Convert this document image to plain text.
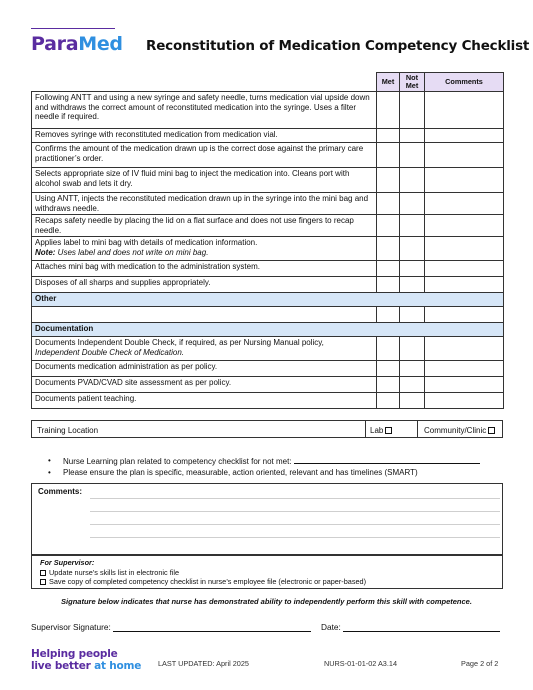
ParaMed Reconstitution of Medication Competency Checklist
	Met	Not Met	Comments
Following ANTT and using a new syringe and safety needle, turns medication vial upside down and withdraws the correct amount of reconstituted medication into the syringe. Uses a filter needle if required.			
Removes syringe with reconstituted medication from medication vial.			
Confirms the amount of the medication drawn up is the correct dose against the primary care practitioner’s order.			
Selects appropriate size of IV fluid mini bag to inject the medication into. Cleans port with alcohol swab and lets it dry.			
Using ANTT, injects the reconstituted medication drawn up in the syringe into the mini bag and withdraws needle.			
Recaps safety needle by placing the lid on a flat surface and does not use fingers to recap needle.			
Applies label to mini bag with details of medication information.
Note: Uses label and does not write on mini bag.			
Attaches mini bag with medication to the administration system.			
Disposes of all sharps and supplies appropriately.			
Other			

Documentation			
Documents Independent Double Check, if required, as per Nursing Manual policy,
Independent Double Check of Medication.			
Documents medication administration as per policy.			
Documents PVAD/CVAD site assessment as per policy.			
Documents patient teaching.			
Training Location	Lab	Community/Clinic
• Nurse Learning plan related to competency checklist for not met:
• Please ensure the plan is specific, measurable, action oriented, relevant and has timelines (SMART)
Comments:
For Supervisor:
Update nurse’s skills list in electronic file
Save copy of completed competency checklist in nurse’s employee file (electronic or paper-based)
Signature below indicates that nurse has demonstrated ability to independently perform this skill with competence.
Supervisor Signature:	Date:
Helping people
live better at home LAST UPDATED: April 2025	NURS-01-01-02 A3.14	Page 2 of 2
